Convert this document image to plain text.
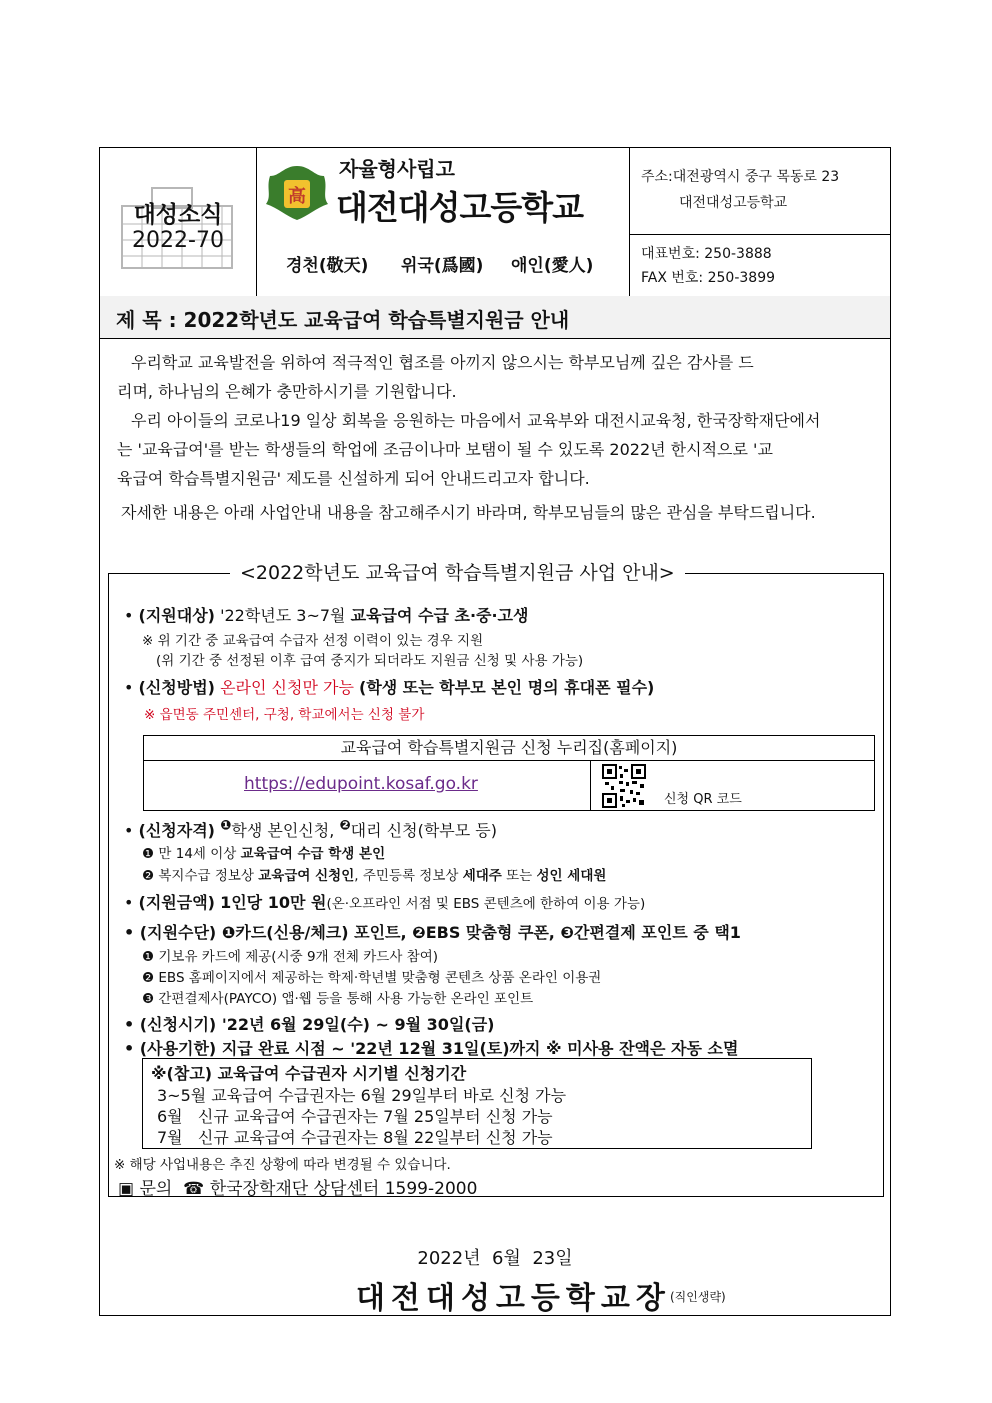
대성소식
2022-70
高
자율형사립고
대전대성고등학교
경천(敬天) 위국(爲國) 애인(愛人)
주소:대전광역시 중구 목동로 23
대전대성고등학교
대표번호: 250-3888
FAX 번호: 250-3899
제 목 : 2022학년도 교육급여 학습특별지원금 안내
우리학교 교육발전을 위하여 적극적인 협조를 아끼지 않으시는 학부모님께 깊은 감사를 드
리며, 하나님의 은혜가 충만하시기를 기원합니다.
우리 아이들의 코로나19 일상 회복을 응원하는 마음에서 교육부와 대전시교육청, 한국장학재단에서
는 '교육급여'를 받는 학생들의 학업에 조금이나마 보탬이 될 수 있도록 2022년 한시적으로 '교
육급여 학습특별지원금' 제도를 신설하게 되어 안내드리고자 합니다.
자세한 내용은 아래 사업안내 내용을 참고해주시기 바라며, 학부모님들의 많은 관심을 부탁드립니다.
<2022학년도 교육급여 학습특별지원금 사업 안내>
• (지원대상) '22학년도 3~7월 교육급여 수급 초·중·고생
※ 위 기간 중 교육급여 수급자 선정 이력이 있는 경우 지원
(위 기간 중 선정된 이후 급여 중지가 되더라도 지원금 신청 및 사용 가능)
• (신청방법) 온라인 신청만 가능 (학생 또는 학부모 본인 명의 휴대폰 필수)
※ 읍면동 주민센터, 구청, 학교에서는 신청 불가
교육급여 학습특별지원금 신청 누리집(홈페이지)
https://edupoint.kosaf.go.kr
신청 QR 코드
• (신청자격) $^❶$학생 본인신청, $^❷$대리 신청(학부모 등)
❶ 만 14세 이상 교육급여 수급 학생 본인
❷ 복지수급 정보상 교육급여 신청인, 주민등록 정보상 세대주 또는 성인 세대원
• (지원금액) 1인당 10만 원(온·오프라인 서점 및 EBS 콘텐츠에 한하여 이용 가능)
• (지원수단) ❶카드(신용/체크) 포인트, ❷EBS 맞춤형 쿠폰, ❸간편결제 포인트 중 택1
❶ 기보유 카드에 제공(시중 9개 전체 카드사 참여)
❷ EBS 홈페이지에서 제공하는 학제·학년별 맞춤형 콘텐츠 상품 온라인 이용권
❸ 간편결제사(PAYCO) 앱·웹 등을 통해 사용 가능한 온라인 포인트
• (신청시기) '22년 6월 29일(수) ~ 9월 30일(금)
• (사용기한) 지급 완료 시점 ~ '22년 12월 31일(토)까지 ※ 미사용 잔액은 자동 소멸
※(참고) 교육급여 수급권자 시기별 신청기간
3~5월 교육급여 수급권자는 6월 29일부터 바로 신청 가능
6월   신규 교육급여 수급권자는 7월 25일부터 신청 가능
7월   신규 교육급여 수급권자는 8월 22일부터 신청 가능
※ 해당 사업내용은 추진 상황에 따라 변경될 수 있습니다.
▣ 문의  ☎ 한국장학재단 상담센터 1599-2000
2022년  6월  23일
대전대성고등학교장 (직인생략)
